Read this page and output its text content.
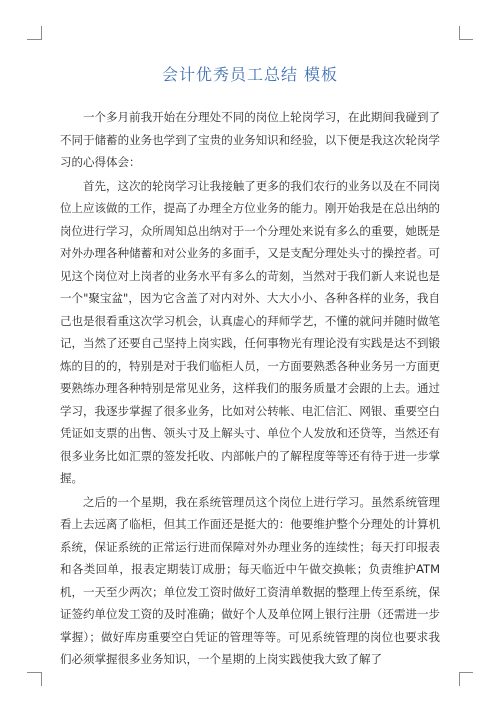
会计优秀员工总结 模板

一个多月前我开始在分理处不同的岗位上轮岗学习，在此期间我碰到了不同于储蓄的业务也学到了宝贵的业务知识和经验，以下便是我这次轮岗学习的心得体会：

首先，这次的轮岗学习让我接触了更多的我们农行的业务以及在不同岗位上应该做的工作，提高了办理全方位业务的能力。刚开始我是在总出纳的岗位进行学习，众所周知总出纳对于一个分理处来说有多么的重要，她既是对外办理各种储蓄和对公业务的多面手，又是支配分理处头寸的操控者。可见这个岗位对上岗者的业务水平有多么的苛刻，当然对于我们新人来说也是一个"聚宝盆"，因为它含盖了对内对外、大大小小、各种各样的业务，我自己也是很看重这次学习机会，认真虚心的拜师学艺，不懂的就问并随时做笔记，当然了还要自己坚持上岗实践，任何事物光有理论没有实践是达不到锻炼的目的的，特别是对于我们临柜人员，一方面要熟悉各种业务另一方面更要熟练办理各种特别是常见业务，这样我们的服务质量才会跟的上去。通过学习，我逐步掌握了很多业务，比如对公转帐、电汇信汇、网银、重要空白凭证如支票的出售、领头寸及上解头寸、单位个人发放和还贷等，当然还有很多业务比如汇票的签发托收、内部帐户的了解程度等等还有待于进一步掌握。

之后的一个星期，我在系统管理员这个岗位上进行学习。虽然系统管理看上去远离了临柜，但其工作面还是挺大的：他要维护整个分理处的计算机系统，保证系统的正常运行进而保障对外办理业务的连续性；每天打印报表和各类回单，报表定期装订成册；每天临近中午做交换帐；负责维护ATM机，一天至少两次；单位发工资时做好工资清单数据的整理上传至系统，保证签约单位发工资的及时准确；做好个人及单位网上银行注册（还需进一步掌握）；做好库房重要空白凭证的管理等等。可见系统管理的岗位也要求我们必须掌握很多业务知识，一个星期的上岗实践使我大致了解了
